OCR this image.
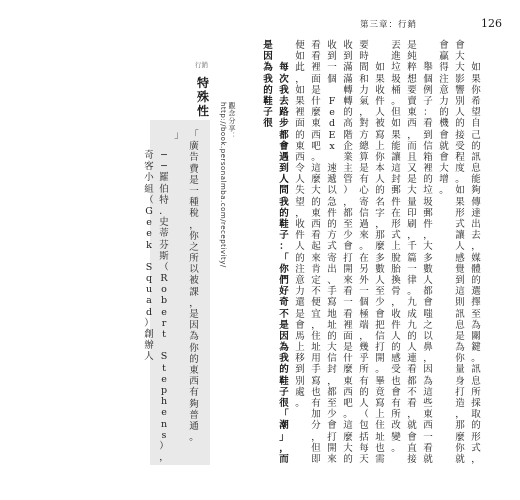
第三章：行銷	126
行銷
特殊性	觀念分享：http://book.personalmba.com/receptivity/
如
果
你
希
望
自
己
的
訊
息
能
夠
傳
達
出
去
，
媒
體
的
選
擇
至
為
關
鍵
。
訊
息
所
採
取
的
形
式
，
會
大
大
影
響
別
人
的
接
受
程
度
。
如
果
形
式
讓
人
感
覺
到
這
則
訊
息
是
為
你
量
身
打
造
，
那
麼
你
就
會
贏
得
注
意
力
的
機
會
就
會
大
增
。
舉
個
例
子
：
看
到
信
箱
裡
的
垃
圾
郵
件
，
大
多
數
人
都
會
嗤
之
以
鼻
，
因
為
這
些
東
西
一
看
就
是
純
粹
想
要
賣
東
西
，
而
且
又
是
大
量
印
刷
，
千
篇
一
律
。
九
成
九
的
人
連
看
都
不
看
，
就
會
直
接
丟
進
垃
圾
桶
。
但
如
果
能
讓
這
封
郵
件
在
形
式
上
脫
胎
換
骨
，
收
件
人
的
感
受
也
會
有
所
改
變
。
如
果
收
件
人
被
寫
上
你
本
人
的
名
字
，
那
麼
多
數
人
至
少
會
把
信
打
開
。
畢
竟
寫
上
住
址
也
需
要
時
間
和
力
氣
，
對
方
總
算
是
有
心
寄
信
過
來
。
在
另
外
一
個
極
端
，
幾
乎
所
有
的
人
（
包
括
每
天
收
到
滿
滿
轉
轉
的
高
階
企
業
主
管
）
，
都
至
少
會
打
開
來
看
一
看
裡
面
是
什
麼
東
西
吧
。
這
麼
大
的
收
到
一
個
F
e
d
E
x
速
遞
以
急
件
的
方
式
寄
出
、
手
寫
地
址
的
大
信
封
，
都
至
少
會
打
開
來
看
看
裡
面
是
什
麼
東
西
吧
。
這
麼
大
的
東
西
看
起
來
肯
定
不
便
宜
，
住
址
用
手
寫
也
有
加
分
，
但
即
便
如
此
，
如
果
裡
面
的
東
西
令
人
失
望
，
收
件
人
的
注
意
力
還
是
會
馬
上
移
到
別
處
。
每
次
我
去
路
步
都
會
遇
到
人
問
我
的
鞋
子
：
「
你
們
好
奇
不
是
因
為
我
的
鞋
子
很
「
潮
」
，
而
是
因
為
我
的
鞋
子
很
「
廣
告
費
是
一
種
稅
，
你
之
所
以
被
課
，
是
因
為
你
的
東
西
有
夠
普
通
。
」
─
─
羅
伯
特
．
史
蒂
芬
斯
（
R
o
b
e
r
t
S
t
e
p
h
e
n
s
）
，
奇
客
小
組
（
G
e
e
k
S
q
u
a
d
）
創
辦
人
